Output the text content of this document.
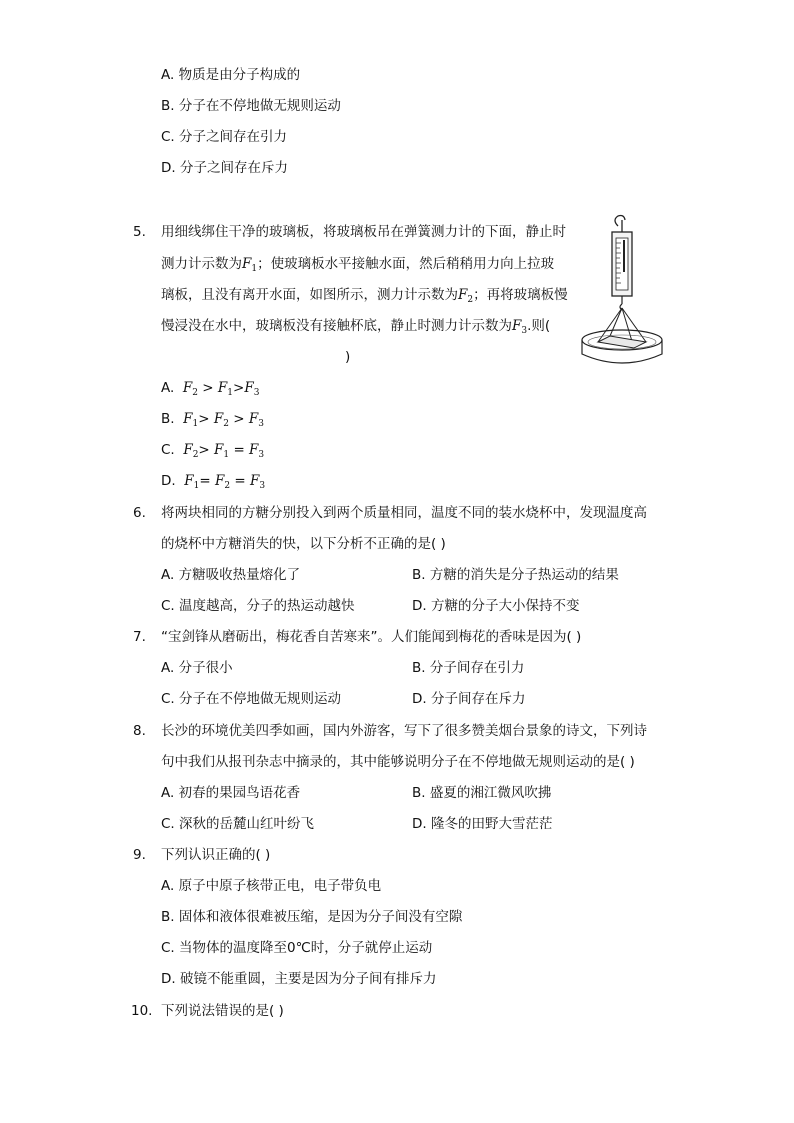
A. 物质是由分子构成的
B. 分子在不停地做无规则运动
C. 分子之间存在引力
D. 分子之间存在斥力
5. 用细线绑住干净的玻璃板，将玻璃板吊在弹簧测力计的下面，静止时
测力计示数为$F_1$；使玻璃板水平接触水面，然后稍稍用力向上拉玻
璃板，且没有离开水面，如图所示，测力计示数为$F_2$；再将玻璃板慢
慢浸没在水中，玻璃板没有接触杯底，静止时测力计示数为$F_3$.则(
)
A. $F_2 > F_1>F_3$
B. $F_1> F_2 > F_3$
C. $F_2> F_1 = F_3$
D. $F_1= F_2 = F_3$
6. 将两块相同的方糖分别投入到两个质量相同，温度不同的装水烧杯中，发现温度高
的烧杯中方糖消失的快，以下分析不正确的是( )
A. 方糖吸收热量熔化了	B. 方糖的消失是分子热运动的结果
C. 温度越高，分子的热运动越快	D. 方糖的分子大小保持不变
7. “宝剑锋从磨砺出，梅花香自苦寒来”。人们能闻到梅花的香味是因为( )
A. 分子很小	B. 分子间存在引力
C. 分子在不停地做无规则运动	D. 分子间存在斥力
8. 长沙的环境优美四季如画，国内外游客，写下了很多赞美烟台景象的诗文，下列诗
句中我们从报刊杂志中摘录的，其中能够说明分子在不停地做无规则运动的是( )
A. 初春的果园鸟语花香	B. 盛夏的湘江微风吹拂
C. 深秋的岳麓山红叶纷飞	D. 隆冬的田野大雪茫茫
9. 下列认识正确的( )
A. 原子中原子核带正电，电子带负电
B. 固体和液体很难被压缩，是因为分子间没有空隙
C. 当物体的温度降至0℃时，分子就停止运动
D. 破镜不能重圆，主要是因为分子间有排斥力
10. 下列说法错误的是( )
